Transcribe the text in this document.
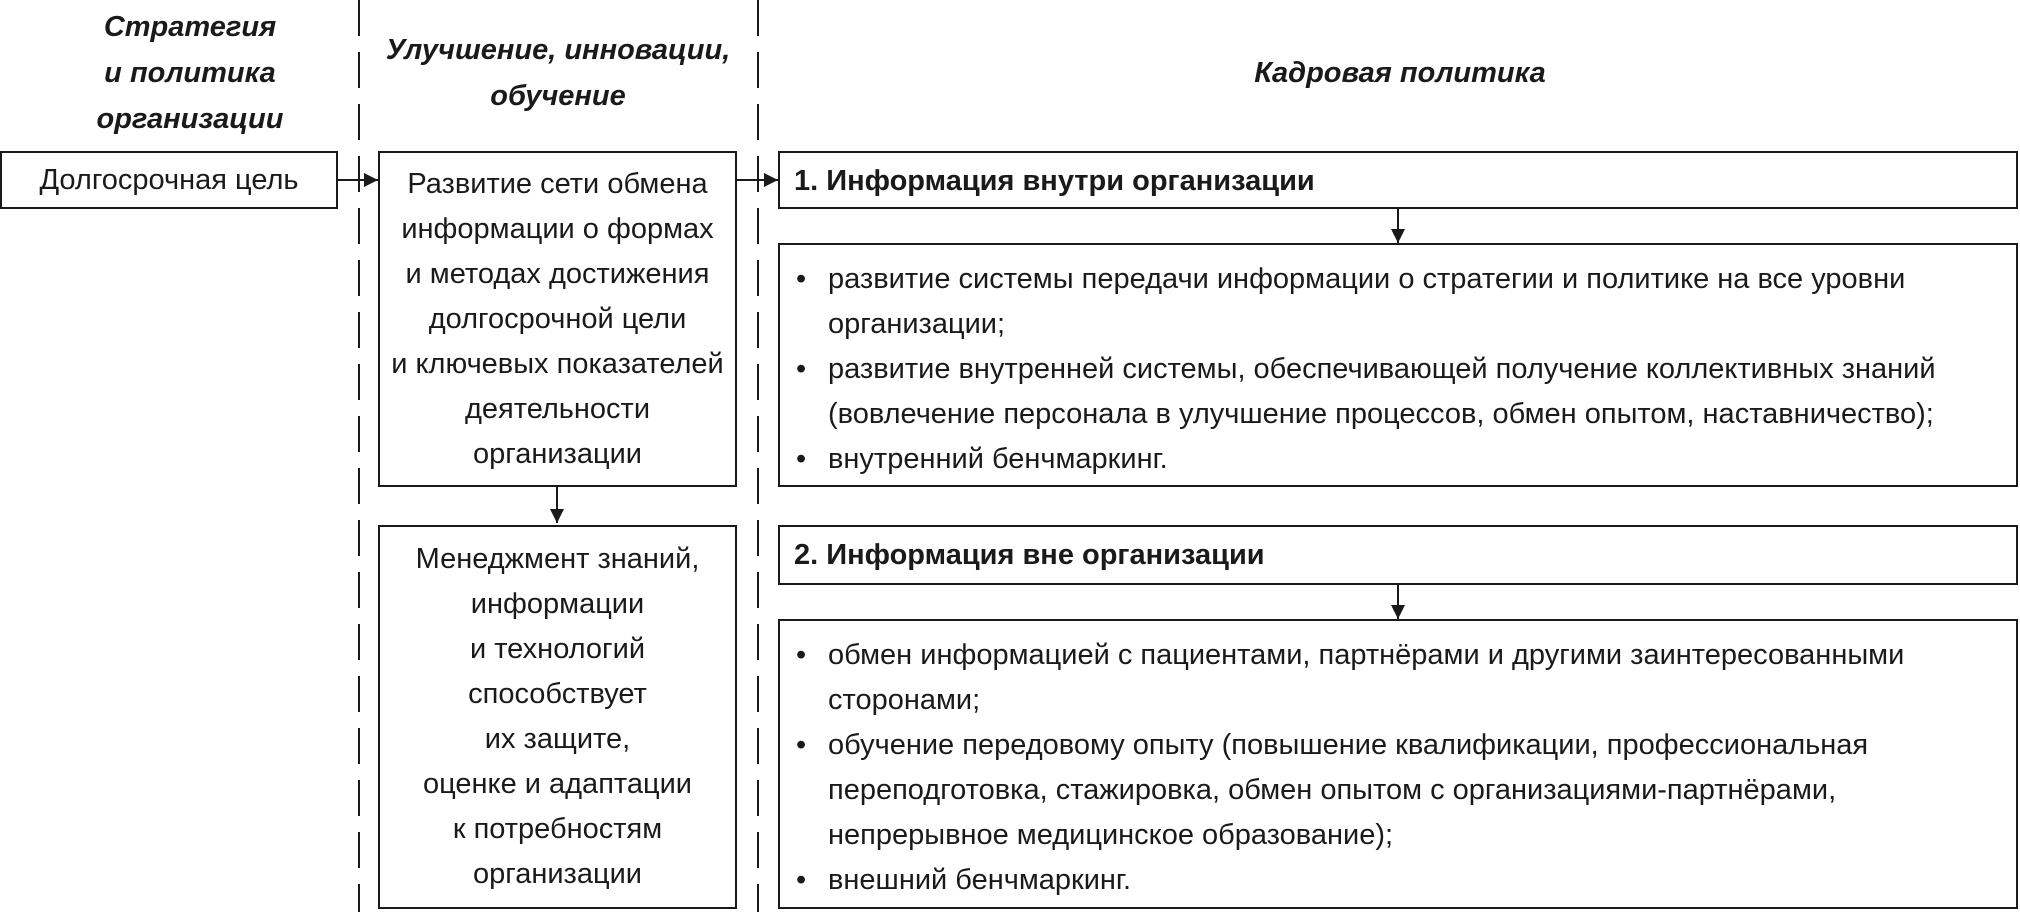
Стратегия
и политика
организации
Улучшение, инновации,
обучение
Кадровая политика
Долгосрочная цель	Развитие сети обмена
информации о формах
и методах достижения
долгосрочной цели
и ключевых показателей
деятельности
организации
Менеджмент знаний,
информации
и технологий
способствует
их защите,
оценке и адаптации
к потребностям
организации
1. Информация внутри организации
• развитие системы передачи информации о стратегии и политике на все уровни организации;
• развитие внутренней системы, обеспечивающей получение коллективных знаний (вовлечение персонала в улучшение процессов, обмен опытом, наставничество);
• внутренний бенчмаркинг.
2. Информация вне организации
• обмен информацией с пациентами, партнёрами и другими заинтересованными сторонами;
• обучение передовому опыту (повышение квалификации, профессиональная переподготовка, стажировка, обмен опытом с организациями-партнёрами, непрерывное медицинское образование);
• внешний бенчмаркинг.
